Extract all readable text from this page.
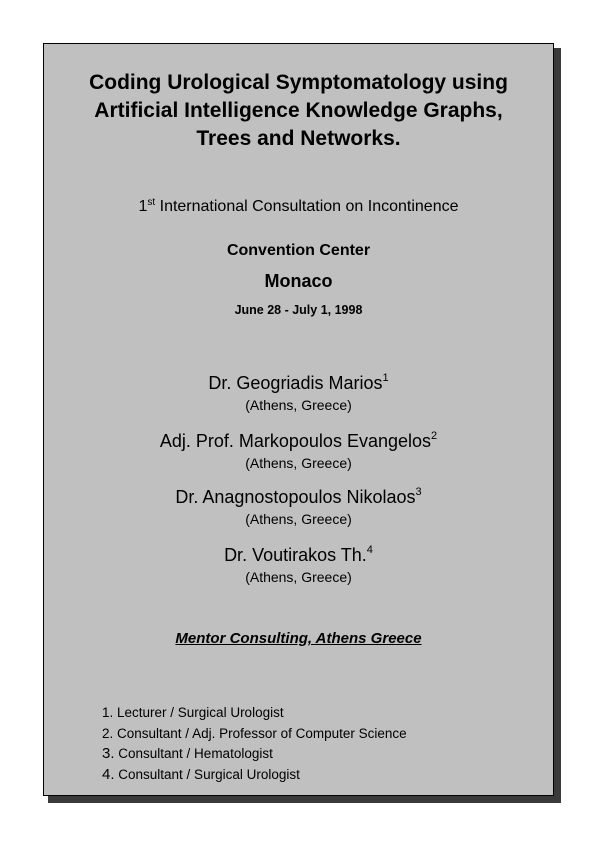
Coding Urological Symptomatology using
Artificial Intelligence Knowledge Graphs,
Trees and Networks.

1st International Consultation on Incontinence

Convention Center

Monaco

June 28 - July 1, 1998

Dr. Geogriadis Marios$^1$

(Athens, Greece)

Adj. Prof. Markopoulos Evangelos$^2$

(Athens, Greece)

Dr. Anagnostopoulos Nikolaos$^3$

(Athens, Greece)

Dr. Voutirakos Th.$^4$

(Athens, Greece)

Mentor Consulting, Athens Greece

1. Lecturer / Surgical Urologist
2. Consultant / Adj. Professor of Computer Science
3. Consultant / Hematologist
4. Consultant / Surgical Urologist
